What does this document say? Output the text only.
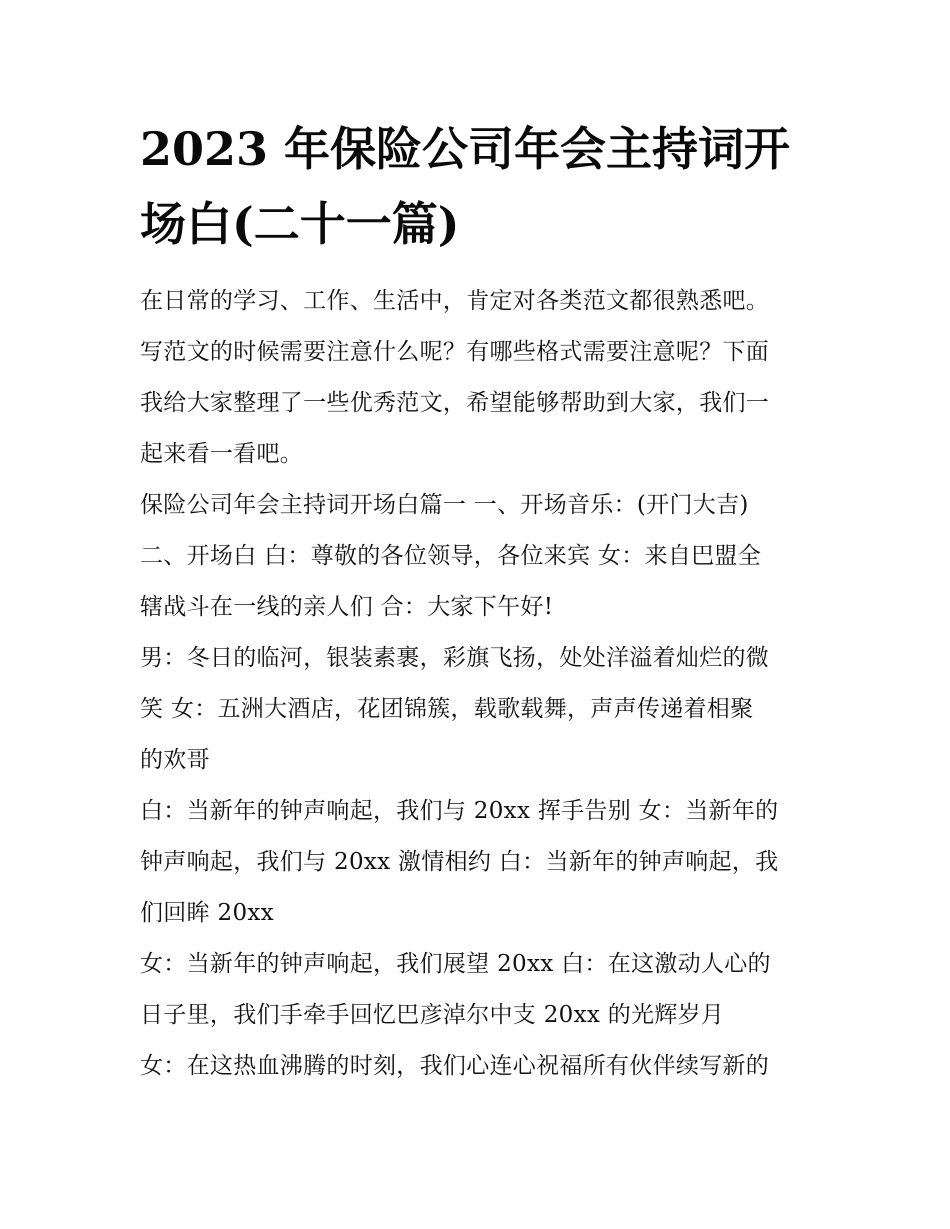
2023 年保险公司年会主持词开
场白(二十一篇)

在日常的学习、工作、生活中，肯定对各类范文都很熟悉吧。
写范文的时候需要注意什么呢？有哪些格式需要注意呢？下面
我给大家整理了一些优秀范文，希望能够帮助到大家，我们一
起来看一看吧。

保险公司年会主持词开场白篇一 一、开场音乐：(开门大吉)
二、开场白 白：尊敬的各位领导，各位来宾 女：来自巴盟全
辖战斗在一线的亲人们 合：大家下午好!

男：冬日的临河，银装素裹，彩旗飞扬，处处洋溢着灿烂的微
笑 女：五洲大酒店，花团锦簇，载歌载舞，声声传递着相聚
的欢哥

白：当新年的钟声响起，我们与 20xx 挥手告别 女：当新年的
钟声响起，我们与 20xx 激情相约 白：当新年的钟声响起，我
们回眸 20xx

女：当新年的钟声响起，我们展望 20xx 白：在这激动人心的
日子里，我们手牵手回忆巴彦淖尔中支 20xx 的光辉岁月

女：在这热血沸腾的时刻，我们心连心祝福所有伙伴续写新的
